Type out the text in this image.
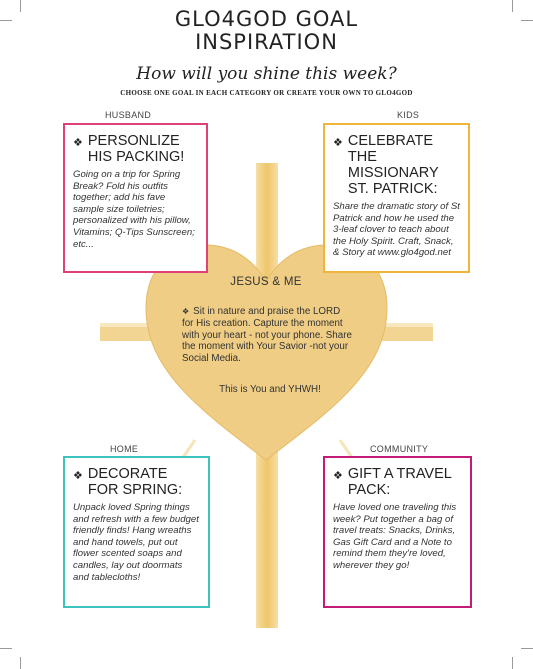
GLO4GOD GOAL
INSPIRATION
How will you shine this week?
CHOOSE ONE GOAL IN EACH CATEGORY OR CREATE YOUR OWN TO GLO4GOD
JESUS & ME
❖ Sit in nature and praise the LORD for His creation. Capture the moment with your heart - not your phone. Share the moment with Your Savior -not your Social Media.
This is You and YHWH!
HUSBAND	KIDS
HOME	COMMUNITY
❖ PERSONLIZE HIS PACKING!
Going on a trip for Spring Break? Fold his outfits together; add his fave sample size toiletries; personalized with his pillow, Vitamins; Q-Tips Sunscreen; etc...
❖ CELEBRATE THE MISSIONARY ST. PATRICK:
Share the dramatic story of St Patrick and how he used the 3-leaf clover to teach about the Holy Spirit. Craft, Snack, & Story at www.glo4god.net
❖ DECORATE FOR SPRING:
Unpack loved Spring things and refresh with a few budget friendly finds! Hang wreaths and hand towels, put out flower scented soaps and candles, lay out doormats and tablecloths!
❖ GIFT A TRAVEL PACK:
Have loved one traveling this week? Put together a bag of travel treats: Snacks, Drinks, Gas Gift Card and a Note to remind them they're loved, wherever they go!
